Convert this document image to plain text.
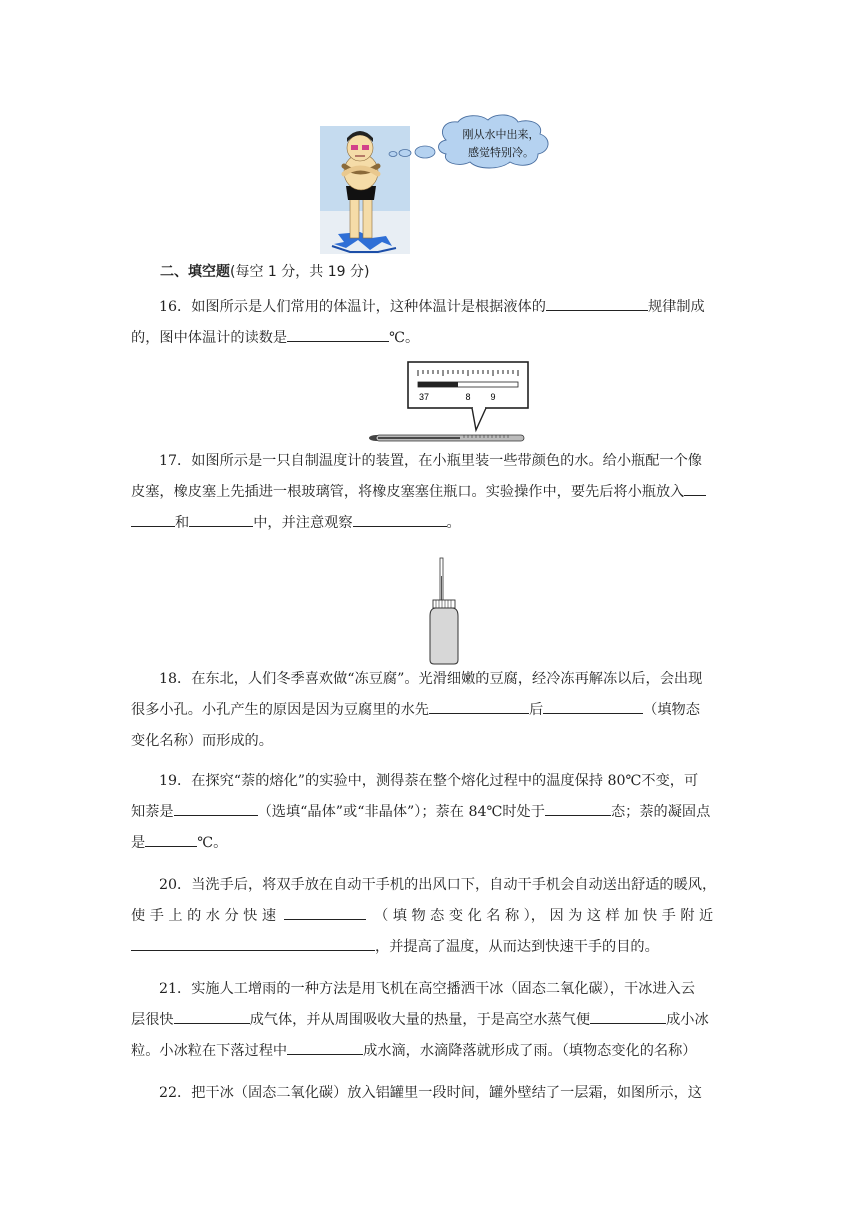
刚从水中出来，
感觉特别冷。
二、填空题(每空 1 分，共 19 分)

16．如图所示是人们常用的体温计，这种体温计是根据液体的	规律制成

的，图中体温计的读数是	℃。

37	8 9

17．如图所示是一只自制温度计的装置，在小瓶里装一些带颜色的水。给小瓶配一个像

皮塞，橡皮塞上先插进一根玻璃管，将橡皮塞塞住瓶口。实验操作中，要先后将小瓶放入

和	中，并注意观察	。

18．在东北，人们冬季喜欢做“冻豆腐”。光滑细嫩的豆腐，经冷冻再解冻以后，会出现

很多小孔。小孔产生的原因是因为豆腐里的水先	后	（填物态

变化名称）而形成的。

19．在探究“萘的熔化”的实验中，测得萘在整个熔化过程中的温度保持 80℃不变，可

知萘是	（选填“晶体”或“非晶体”）；萘在 84℃时处于	态；萘的凝固点

是	℃。

20．当洗手后，将双手放在自动干手机的出风口下，自动干手机会自动送出舒适的暖风，

使 手 上 的 水 分 快 速	（ 填 物 态 变 化 名 称 ）， 因 为 这 样 加 快 手 附 近

，并提高了温度，从而达到快速干手的目的。

21．实施人工增雨的一种方法是用飞机在高空播洒干冰（固态二氧化碳），干冰进入云

层很快	成气体，并从周围吸收大量的热量，于是高空水蒸气便	成小冰

粒。小冰粒在下落过程中	成水滴，水滴降落就形成了雨。（填物态变化的名称）

22．把干冰（固态二氧化碳）放入铝罐里一段时间，罐外壁结了一层霜，如图所示，这
